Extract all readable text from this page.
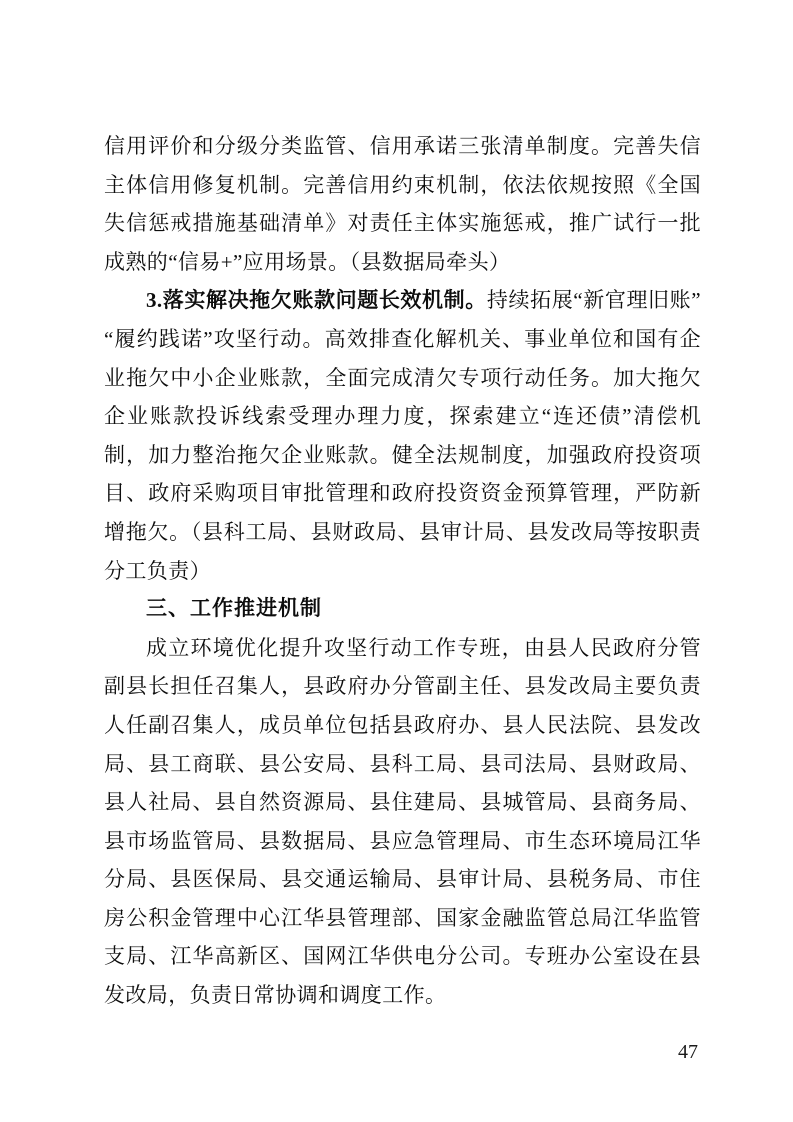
信用评价和分级分类监管、信用承诺三张清单制度。完善失信主体信用修复机制。完善信用约束机制，依法依规按照《全国失信惩戒措施基础清单》对责任主体实施惩戒，推广试行一批成熟的“信易+”应用场景。（县数据局牵头）

3.落实解决拖欠账款问题长效机制。持续拓展“新官理旧账”“履约践诺”攻坚行动。高效排查化解机关、事业单位和国有企业拖欠中小企业账款，全面完成清欠专项行动任务。加大拖欠企业账款投诉线索受理办理力度，探索建立“连还债”清偿机制，加力整治拖欠企业账款。健全法规制度，加强政府投资项目、政府采购项目审批管理和政府投资资金预算管理，严防新增拖欠。（县科工局、县财政局、县审计局、县发改局等按职责分工负责）

三、工作推进机制

成立环境优化提升攻坚行动工作专班，由县人民政府分管副县长担任召集人，县政府办分管副主任、县发改局主要负责人任副召集人，成员单位包括县政府办、县人民法院、县发改局、县工商联、县公安局、县科工局、县司法局、县财政局、县人社局、县自然资源局、县住建局、县城管局、县商务局、县市场监管局、县数据局、县应急管理局、市生态环境局江华分局、县医保局、县交通运输局、县审计局、县税务局、市住房公积金管理中心江华县管理部、国家金融监管总局江华监管支局、江华高新区、国网江华供电分公司。专班办公室设在县发改局，负责日常协调和调度工作。

47
